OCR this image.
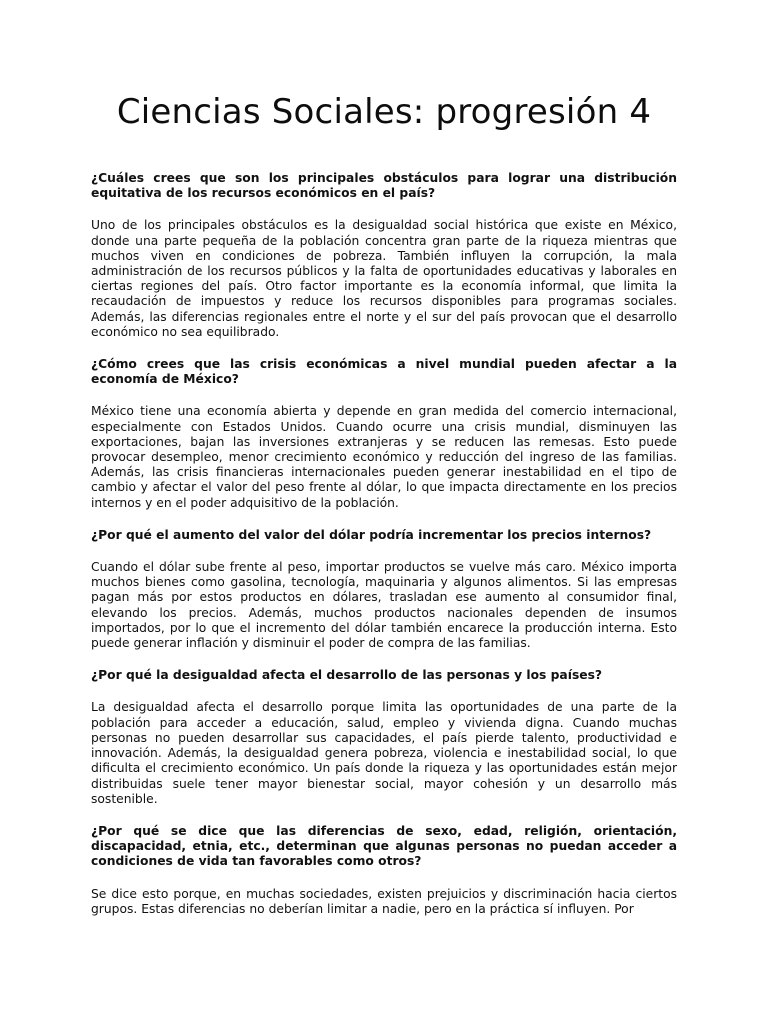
Ciencias Sociales: progresión 4

¿Cuáles crees que son los principales obstáculos para lograr una distribución equitativa de los recursos económicos en el país?

Uno de los principales obstáculos es la desigualdad social histórica que existe en México, donde una parte pequeña de la población concentra gran parte de la riqueza mientras que muchos viven en condiciones de pobreza. También influyen la corrupción, la mala administración de los recursos públicos y la falta de oportunidades educativas y laborales en ciertas regiones del país. Otro factor importante es la economía informal, que limita la recaudación de impuestos y reduce los recursos disponibles para programas sociales. Además, las diferencias regionales entre el norte y el sur del país provocan que el desarrollo económico no sea equilibrado.

¿Cómo crees que las crisis económicas a nivel mundial pueden afectar a la economía de México?

México tiene una economía abierta y depende en gran medida del comercio internacional, especialmente con Estados Unidos. Cuando ocurre una crisis mundial, disminuyen las exportaciones, bajan las inversiones extranjeras y se reducen las remesas. Esto puede provocar desempleo, menor crecimiento económico y reducción del ingreso de las familias. Además, las crisis financieras internacionales pueden generar inestabilidad en el tipo de cambio y afectar el valor del peso frente al dólar, lo que impacta directamente en los precios internos y en el poder adquisitivo de la población.

¿Por qué el aumento del valor del dólar podría incrementar los precios internos?

Cuando el dólar sube frente al peso, importar productos se vuelve más caro. México importa muchos bienes como gasolina, tecnología, maquinaria y algunos alimentos. Si las empresas pagan más por estos productos en dólares, trasladan ese aumento al consumidor final, elevando los precios. Además, muchos productos nacionales dependen de insumos importados, por lo que el incremento del dólar también encarece la producción interna. Esto puede generar inflación y disminuir el poder de compra de las familias.

¿Por qué la desigualdad afecta el desarrollo de las personas y los países?

La desigualdad afecta el desarrollo porque limita las oportunidades de una parte de la población para acceder a educación, salud, empleo y vivienda digna. Cuando muchas personas no pueden desarrollar sus capacidades, el país pierde talento, productividad e innovación. Además, la desigualdad genera pobreza, violencia e inestabilidad social, lo que dificulta el crecimiento económico. Un país donde la riqueza y las oportunidades están mejor distribuidas suele tener mayor bienestar social, mayor cohesión y un desarrollo más sostenible.

¿Por qué se dice que las diferencias de sexo, edad, religión, orientación, discapacidad, etnia, etc., determinan que algunas personas no puedan acceder a condiciones de vida tan favorables como otros?

Se dice esto porque, en muchas sociedades, existen prejuicios y discriminación hacia ciertos grupos. Estas diferencias no deberían limitar a nadie, pero en la práctica sí influyen. Por
